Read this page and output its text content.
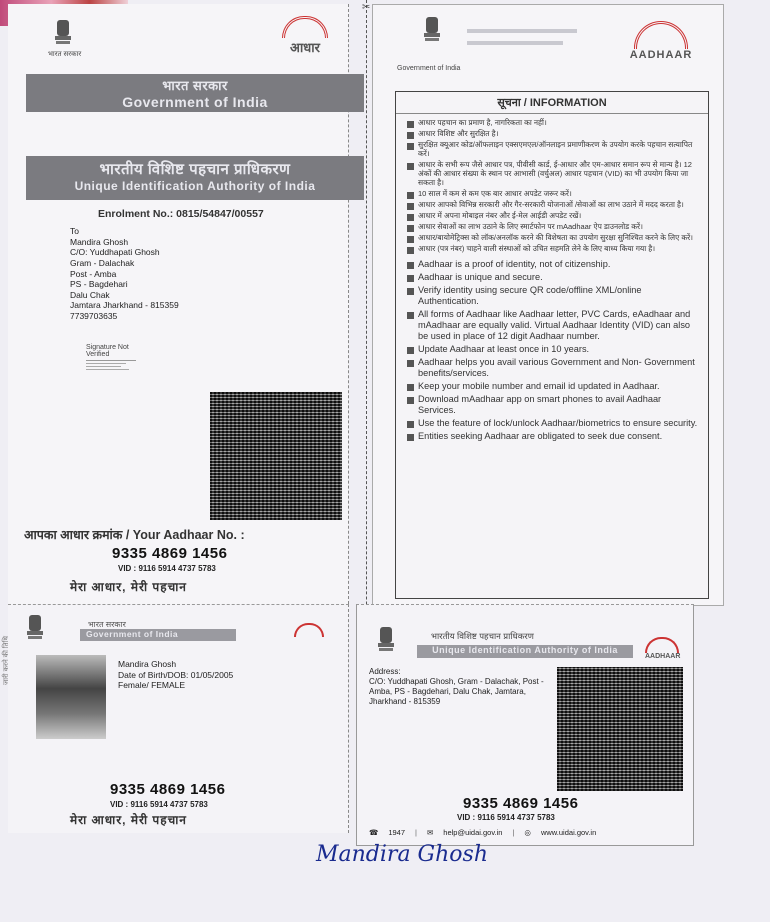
भारत सरकार	आधार
भारत सरकार
Government of India
भारतीय विशिष्ट पहचान प्राधिकरण
Unique Identification Authority of India
Enrolment No.: 0815/54847/00557
To
Mandira Ghosh
C/O: Yuddhapati Ghosh
Gram - Dalachak
Post - Amba
PS - Bagdehari
Dalu Chak
Jamtara Jharkhand - 815359
7739703635
Signature Not Verified
आपका आधार क्रमांक / Your Aadhaar No. :
9335 4869 1456
VID : 9116 5914 4737 5783
मेरा आधार, मेरी पहचान
✂
Government of India
AADHAAR
सूचना / INFORMATION
आधार पहचान का प्रमाण है, नागरिकता का नहीं।
आधार विशिष्ट और सुरक्षित है।
सुरक्षित क्यूआर कोड/ऑफलाइन एक्सएमएल/ऑनलाइन प्रमाणीकरण के उपयोग करके पहचान सत्यापित करें।
आधार के सभी रूप जैसे आधार पत्र, पीवीसी कार्ड, ई-आधार और एम-आधार समान रूप से मान्य है। 12 अंकों की आधार संख्या के स्थान पर आभासी (वर्चुअल) आधार पहचान (VID) का भी उपयोग किया जा सकता है।
10 साल में कम से कम एक बार आधार अपडेट जरूर करें।
आधार आपको विभिन्न सरकारी और गैर-सरकारी योजनाओं /सेवाओं का लाभ उठाने में मदद करता है।
आधार में अपना मोबाइल नंबर और ई-मेल आईडी अपडेट रखें।
आधार सेवाओं का लाभ उठाने के लिए स्मार्टफोन पर mAadhaar ऐप डाउनलोड करें।
आधार/बायोमेट्रिक्स को लॉक/अनलॉक करने की विशेषता का उपयोग सुरक्षा सुनिश्चित करने के लिए करें।
आधार (पत्र नंबर) चाहने वाली संस्थाओं को उचित सहमति लेने के लिए बाध्य किया गया है।
Aadhaar is a proof of identity, not of citizenship.
Aadhaar is unique and secure.
Verify identity using secure QR code/offline XML/online Authentication.
All forms of Aadhaar like Aadhaar letter, PVC Cards, eAadhaar and mAadhaar are equally valid. Virtual Aadhaar Identity (VID) can also be used in place of 12 digit Aadhaar number.
Update Aadhaar at least once in 10 years.
Aadhaar helps you avail various Government and Non- Government benefits/services.
Keep your mobile number and email id updated in Aadhaar.
Download mAadhaar app on smart phones to avail Aadhaar Services.
Use the feature of lock/unlock Aadhaar/biometrics to ensure security.
Entities seeking Aadhaar are obligated to seek due consent.
भारत सरकार
Government of India
जारी करने की तिथि	Mandira Ghosh
Date of Birth/DOB: 01/05/2005
Female/ FEMALE
9335 4869 1456
VID : 9116 5914 4737 5783
मेरा आधार, मेरी पहचान
भारतीय विशिष्ट पहचान प्राधिकरण
Unique Identification Authority of India
AADHAAR
Address:
C/O: Yuddhapati Ghosh, Gram - Dalachak, Post - Amba, PS - Bagdehari, Dalu Chak, Jamtara, Jharkhand - 815359
9335 4869 1456
VID : 9116 5914 4737 5783
☎ 1947 | ✉ help@uidai.gov.in | ◎ www.uidai.gov.in
Mandira Ghosh
